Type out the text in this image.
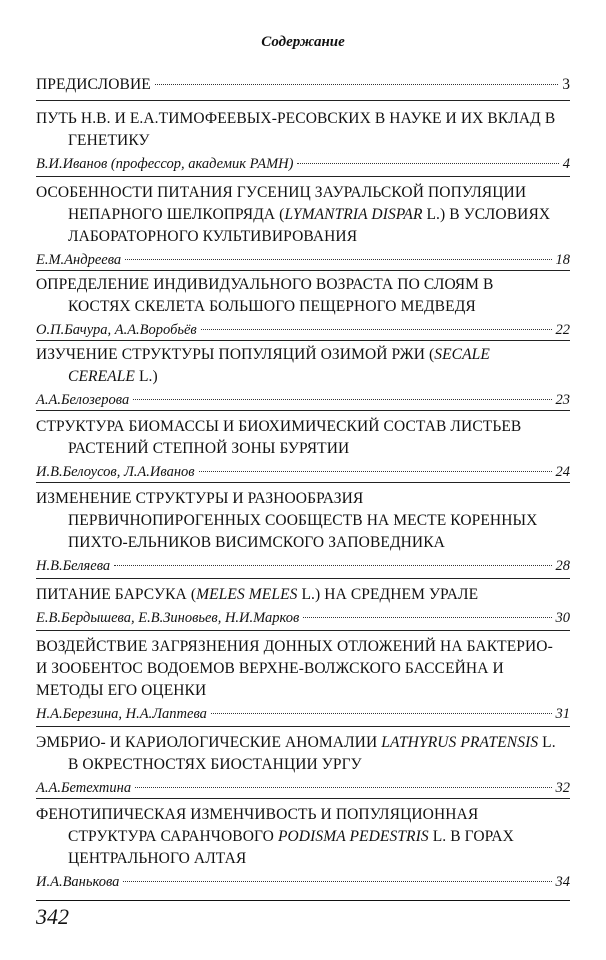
Содержание
ПРЕДИСЛОВИЕ	3
ПУТЬ Н.В. И Е.А.ТИМОФЕЕВЫХ-РЕСОВСКИХ В НАУКЕ И ИХ ВКЛАД В
ГЕНЕТИКУ
В.И.Иванов (профессор, академик РАМН)	4
ОСОБЕННОСТИ ПИТАНИЯ ГУСЕНИЦ ЗАУРАЛЬСКОЙ ПОПУЛЯЦИИ
НЕПАРНОГО ШЕЛКОПРЯДА (LYMANTRIA DISPAR L.) В УСЛОВИЯХ
ЛАБОРАТОРНОГО КУЛЬТИВИРОВАНИЯ
Е.М.Андреева	18
ОПРЕДЕЛЕНИЕ ИНДИВИДУАЛЬНОГО ВОЗРАСТА ПО СЛОЯМ В
КОСТЯХ СКЕЛЕТА БОЛЬШОГО ПЕЩЕРНОГО МЕДВЕДЯ
О.П.Бачура, А.А.Воробьёв	22
ИЗУЧЕНИЕ СТРУКТУРЫ ПОПУЛЯЦИЙ ОЗИМОЙ РЖИ (SECALE
CEREALE L.)
А.А.Белозерова	23
СТРУКТУРА БИОМАССЫ И БИОХИМИЧЕСКИЙ СОСТАВ ЛИСТЬЕВ
РАСТЕНИЙ СТЕПНОЙ ЗОНЫ БУРЯТИИ
И.В.Белоусов, Л.А.Иванов	24
ИЗМЕНЕНИЕ СТРУКТУРЫ И РАЗНООБРАЗИЯ
ПЕРВИЧНОПИРОГЕННЫХ СООБЩЕСТВ НА МЕСТЕ КОРЕННЫХ
ПИХТО-ЕЛЬНИКОВ ВИСИМСКОГО ЗАПОВЕДНИКА
Н.В.Беляева	28
ПИТАНИЕ БАРСУКА (MELES MELES L.) НА СРЕДНЕМ УРАЛЕ
Е.В.Бердышева, Е.В.Зиновьев, Н.И.Марков	30
ВОЗДЕЙСТВИЕ ЗАГРЯЗНЕНИЯ ДОННЫХ ОТЛОЖЕНИЙ НА БАКТЕРИО-
И ЗООБЕНТОС ВОДОЕМОВ ВЕРХНЕ-ВОЛЖСКОГО БАССЕЙНА И
МЕТОДЫ ЕГО ОЦЕНКИ
Н.А.Березина, Н.А.Лаптева	31
ЭМБРИО- И КАРИОЛОГИЧЕСКИЕ АНОМАЛИИ LATHYRUS PRATENSIS L.
В ОКРЕСТНОСТЯХ БИОСТАНЦИИ УРГУ
А.А.Бетехтина	32
ФЕНОТИПИЧЕСКАЯ ИЗМЕНЧИВОСТЬ И ПОПУЛЯЦИОННАЯ
СТРУКТУРА САРАНЧОВОГО PODISMA PEDESTRIS L. В ГОРАХ
ЦЕНТРАЛЬНОГО АЛТАЯ
И.А.Ванькова	34
342
